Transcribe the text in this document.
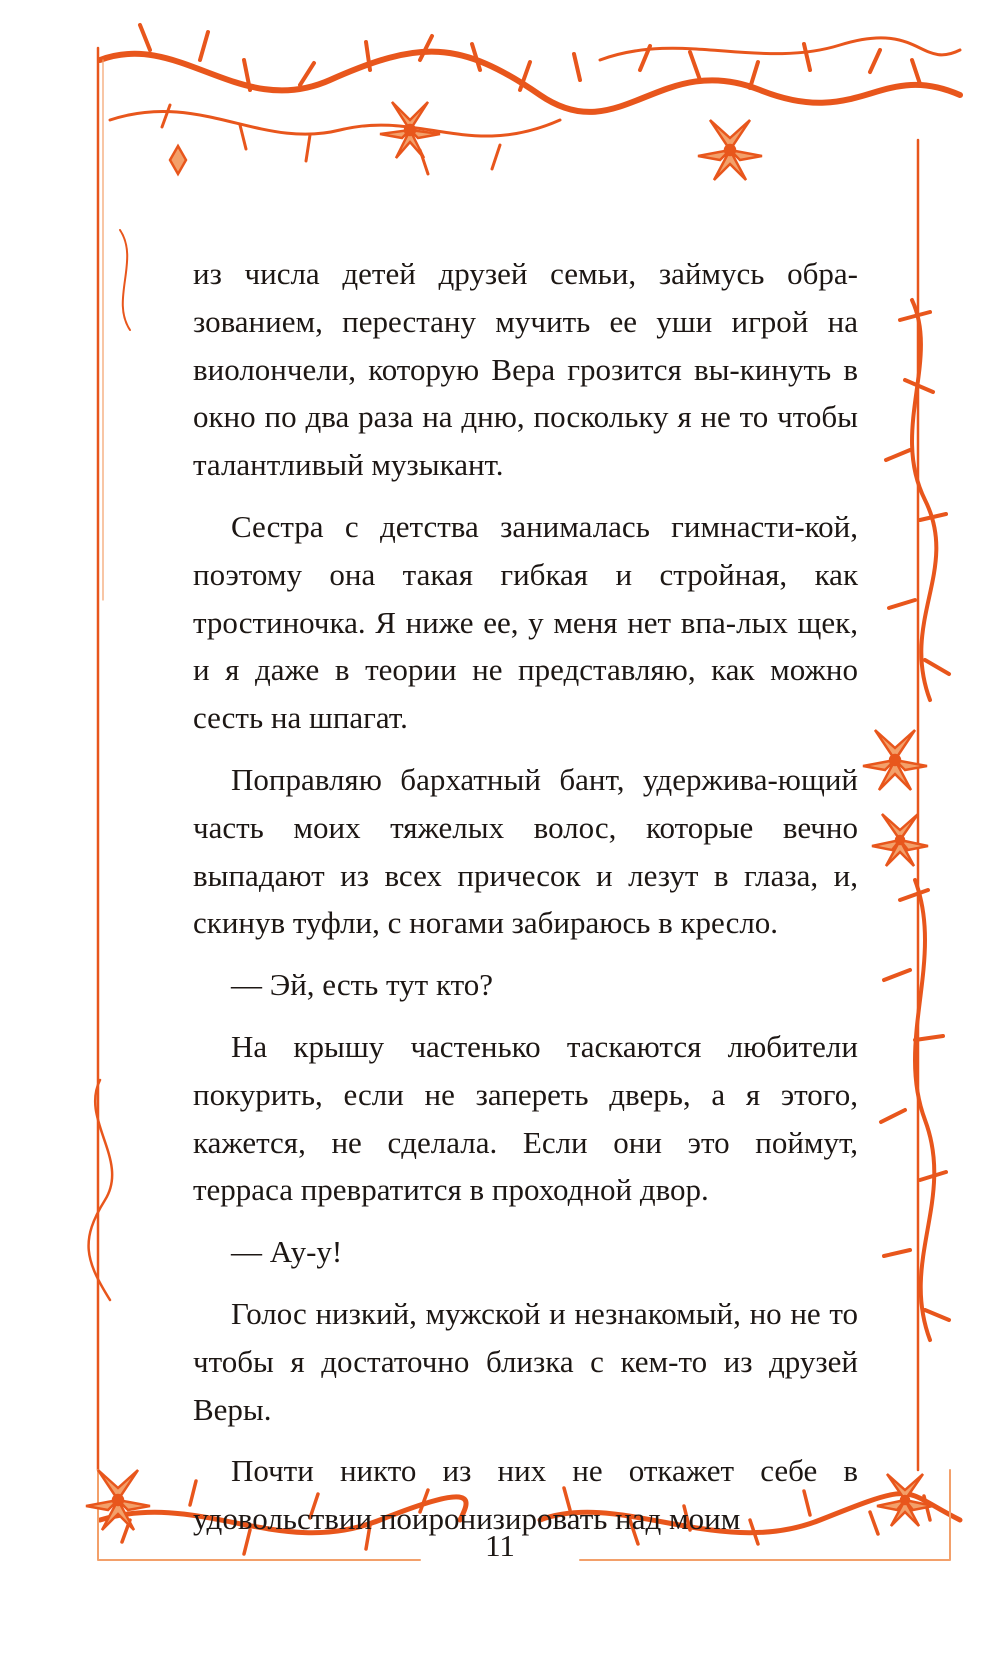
из числа детей друзей семьи, займусь обра-зованием, перестану мучить ее уши игрой на виолончели, которую Вера грозится вы-кинуть в окно по два раза на дню, поскольку я не то чтобы талантливый музыкант.

Сестра с детства занималась гимнасти-кой, поэтому она такая гибкая и стройная, как тростиночка. Я ниже ее, у меня нет впа-лых щек, и я даже в теории не представляю, как можно сесть на шпагат.

Поправляю бархатный бант, удержива-ющий часть моих тяжелых волос, которые вечно выпадают из всех причесок и лезут в глаза, и, скинув туфли, с ногами забираюсь в кресло.

— Эй, есть тут кто?

На крышу частенько таскаются любители покурить, если не запереть дверь, а я этого, кажется, не сделала. Если они это поймут, терраса превратится в проходной двор.

— Ау-у!

Голос низкий, мужской и незнакомый, но не то чтобы я достаточно близка с кем-то из друзей Веры.

Почти никто из них не откажет себе в удовольствии поиронизировать над моим

11
